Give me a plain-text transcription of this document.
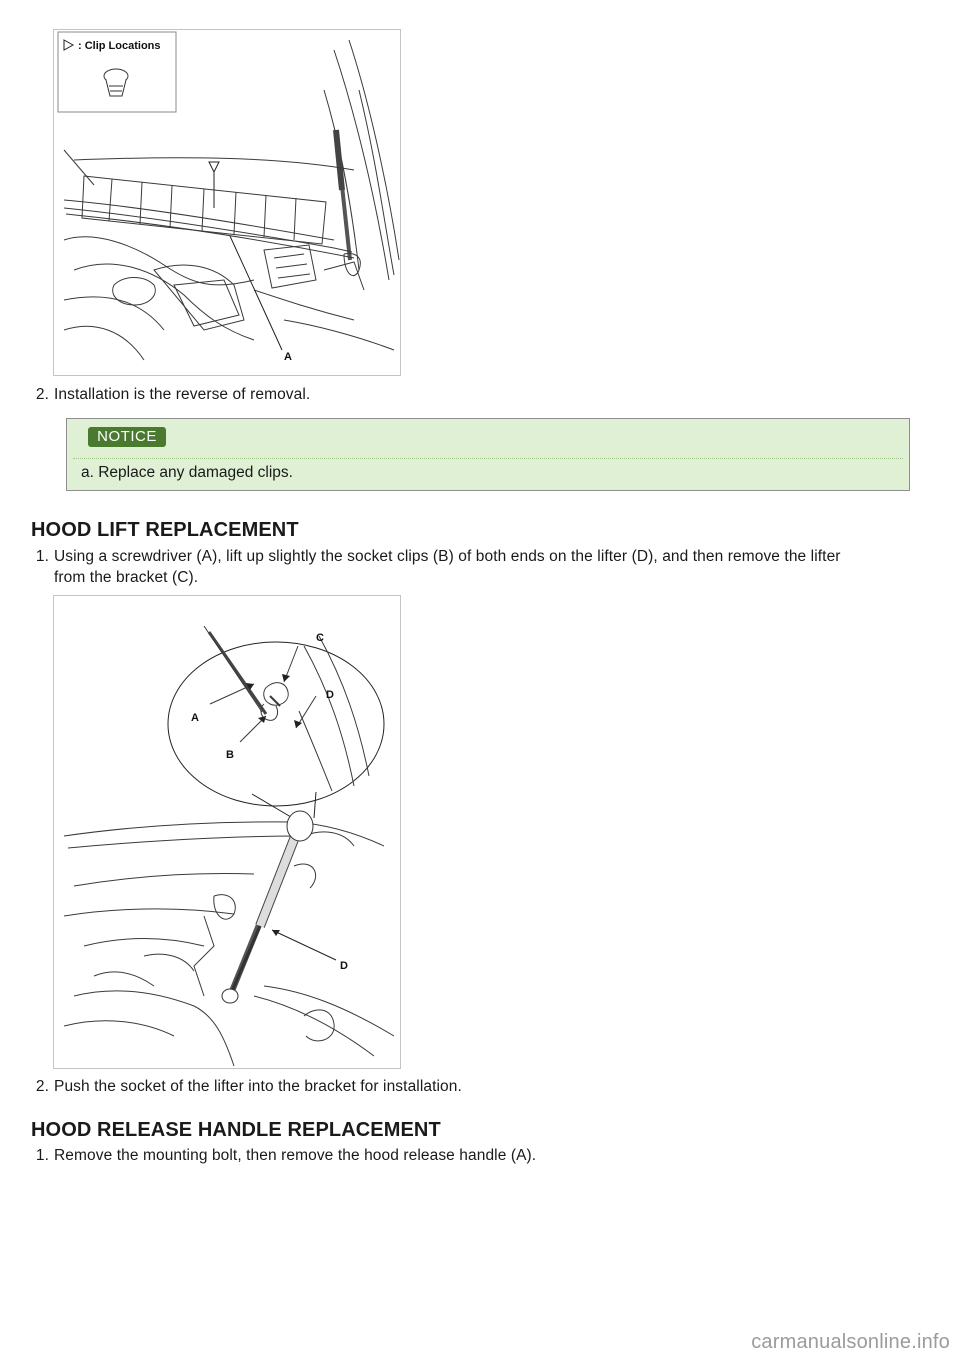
: Clip Locations
A
2. Installation is the reverse of removal.
NOTICE
a. Replace any damaged clips.
HOOD LIFT REPLACEMENT
1. Using a screwdriver (A), lift up slightly the socket clips (B) of both ends on the lifter (D), and then remove the lifter
from the bracket (C).
A
B
C
D
D
2. Push the socket of the lifter into the bracket for installation.
HOOD RELEASE HANDLE REPLACEMENT
1. Remove the mounting bolt, then remove the hood release handle (A).
carmanualsonline.info
